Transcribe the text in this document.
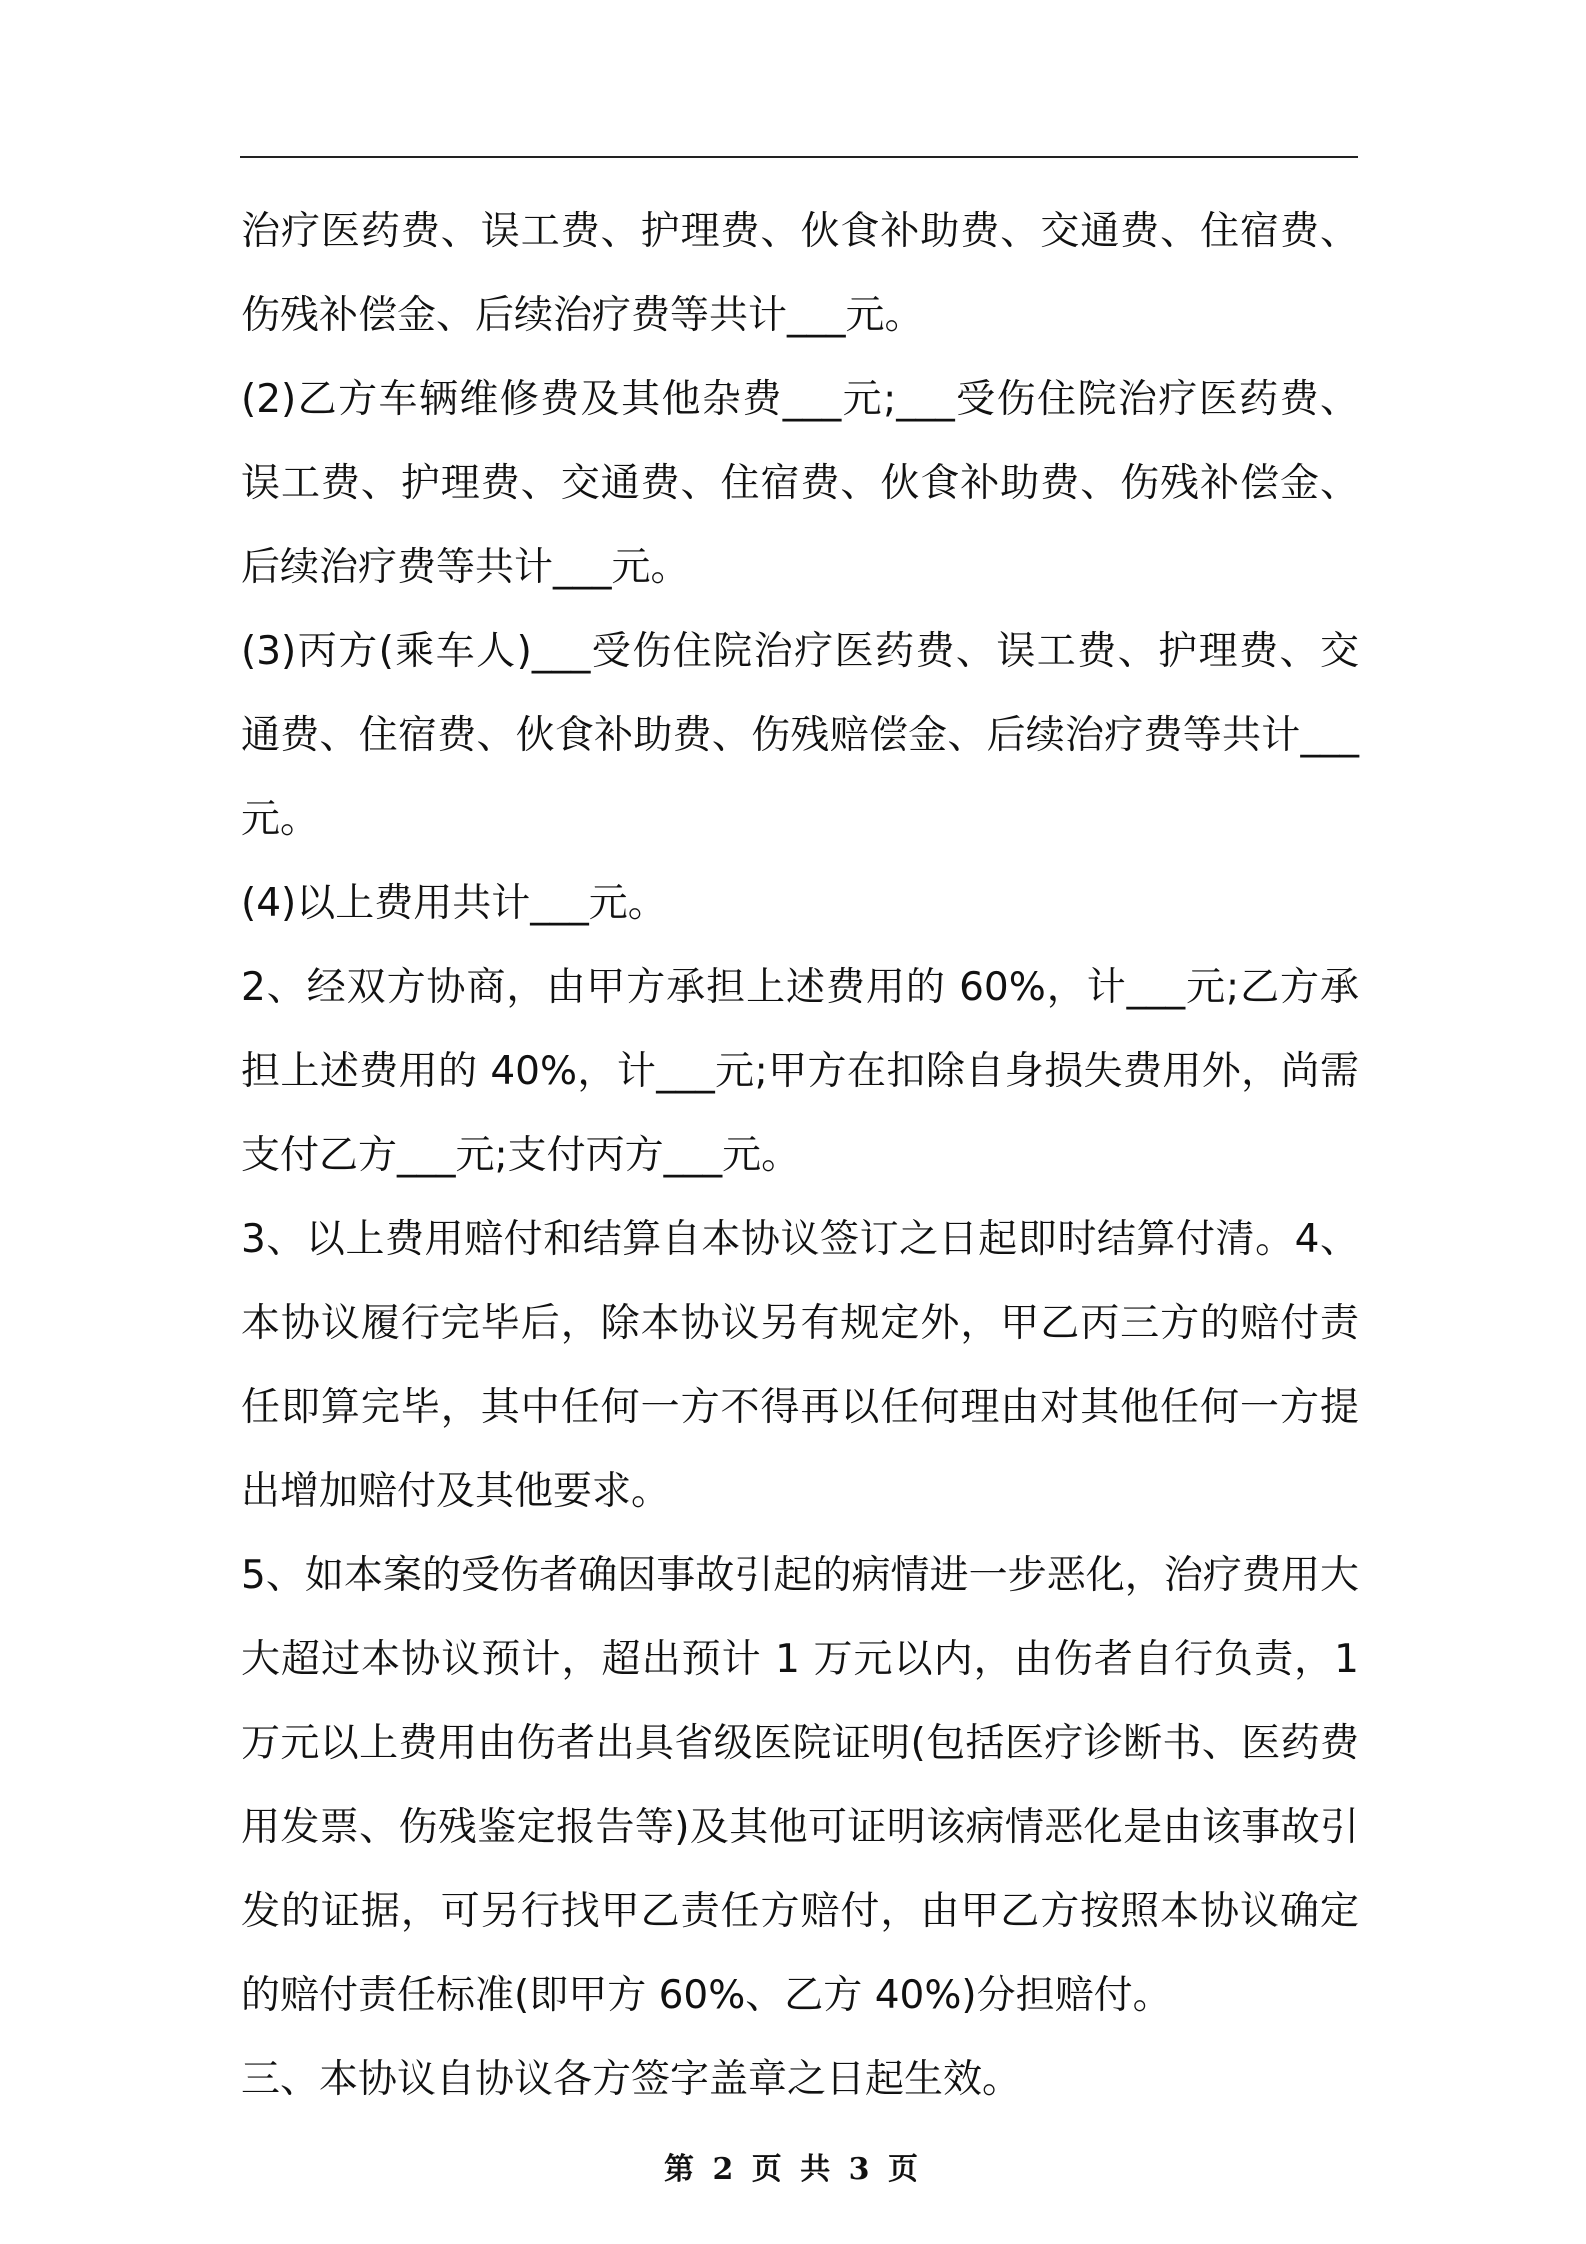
治疗医药费、误工费、护理费、伙食补助费、交通费、住宿费、伤残补偿金、后续治疗费等共计___元。

(2)乙方车辆维修费及其他杂费___元;___受伤住院治疗医药费、误工费、护理费、交通费、住宿费、伙食补助费、伤残补偿金、后续治疗费等共计___元。

(3)丙方(乘车人)___受伤住院治疗医药费、误工费、护理费、交通费、住宿费、伙食补助费、伤残赔偿金、后续治疗费等共计___元。

(4)以上费用共计___元。

2、经双方协商，由甲方承担上述费用的 60%，计___元;乙方承担上述费用的 40%，计___元;甲方在扣除自身损失费用外，尚需支付乙方___元;支付丙方___元。

3、以上费用赔付和结算自本协议签订之日起即时结算付清。4、本协议履行完毕后，除本协议另有规定外，甲乙丙三方的赔付责任即算完毕，其中任何一方不得再以任何理由对其他任何一方提出增加赔付及其他要求。

5、如本案的受伤者确因事故引起的病情进一步恶化，治疗费用大大超过本协议预计，超出预计 1 万元以内，由伤者自行负责，1 万元以上费用由伤者出具省级医院证明(包括医疗诊断书、医药费用发票、伤残鉴定报告等)及其他可证明该病情恶化是由该事故引发的证据，可另行找甲乙责任方赔付，由甲乙方按照本协议确定的赔付责任标准(即甲方 60%、乙方 40%)分担赔付。

三、本协议自协议各方签字盖章之日起生效。

第 2 页 共 3 页
